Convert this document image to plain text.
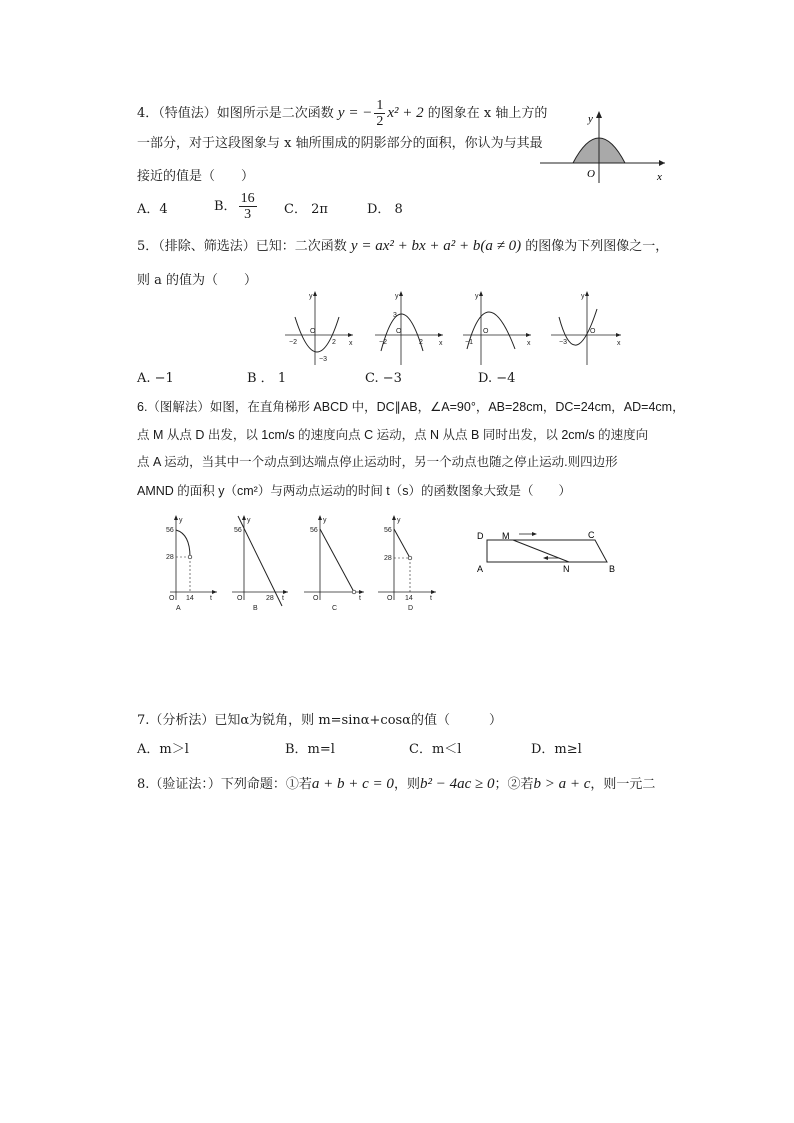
4．（特值法）如图所示是二次函数 y = − $\frac{1}{2} x^2 + 2$ 的图象在 x 轴上方的
一部分，对于这段图象与 x 轴所围成的阴影部分的面积，你认为与其最
接近的值是（　　）
A．4	B． $\frac{16}{3}$ C． 2π	D． 8
y
O	x
5．（排除、筛选法）已知：二次函数 y = ax² + bx + a² + b(a ≠ 0) 的图像为下列图像之一，
则 a 的值为（　　）
y
x
−2
O
2
−3
y
x
3
−2
O
2
y
x
−1
O
y
x
−3
O
A. −1	B ． 1	C. −3	D. −4
6.（图解法）如图，在直角梯形 ABCD 中，DC∥AB，∠A=90°，AB=28cm，DC=24cm，AD=4cm，
点 M 从点 D 出发，以 1cm/s 的速度向点 C 运动，点 N 从点 B 同时出发，以 2cm/s 的速度向
点 A 运动，当其中一个动点到达端点停止运动时，另一个动点也随之停止运动.则四边形
AMND 的面积 y（cm²）与两动点运动的时间 t（s）的函数图象大致是（　　）
y
56
28
O 14 t
A
y
56
O	28 t
B
y
56
O	t
C
y
56
28
O 14 t
D
D M	C
A	N	B
7.（分析法）已知α为锐角，则 m=sinα+cosα的值（　　　）
A．m＞l	B．m=l	C．m＜l	D．m≥l
8.（验证法：）下列命题：①若a + b + c = 0，则b² − 4ac ≥ 0；②若b > a + c，则一元二
